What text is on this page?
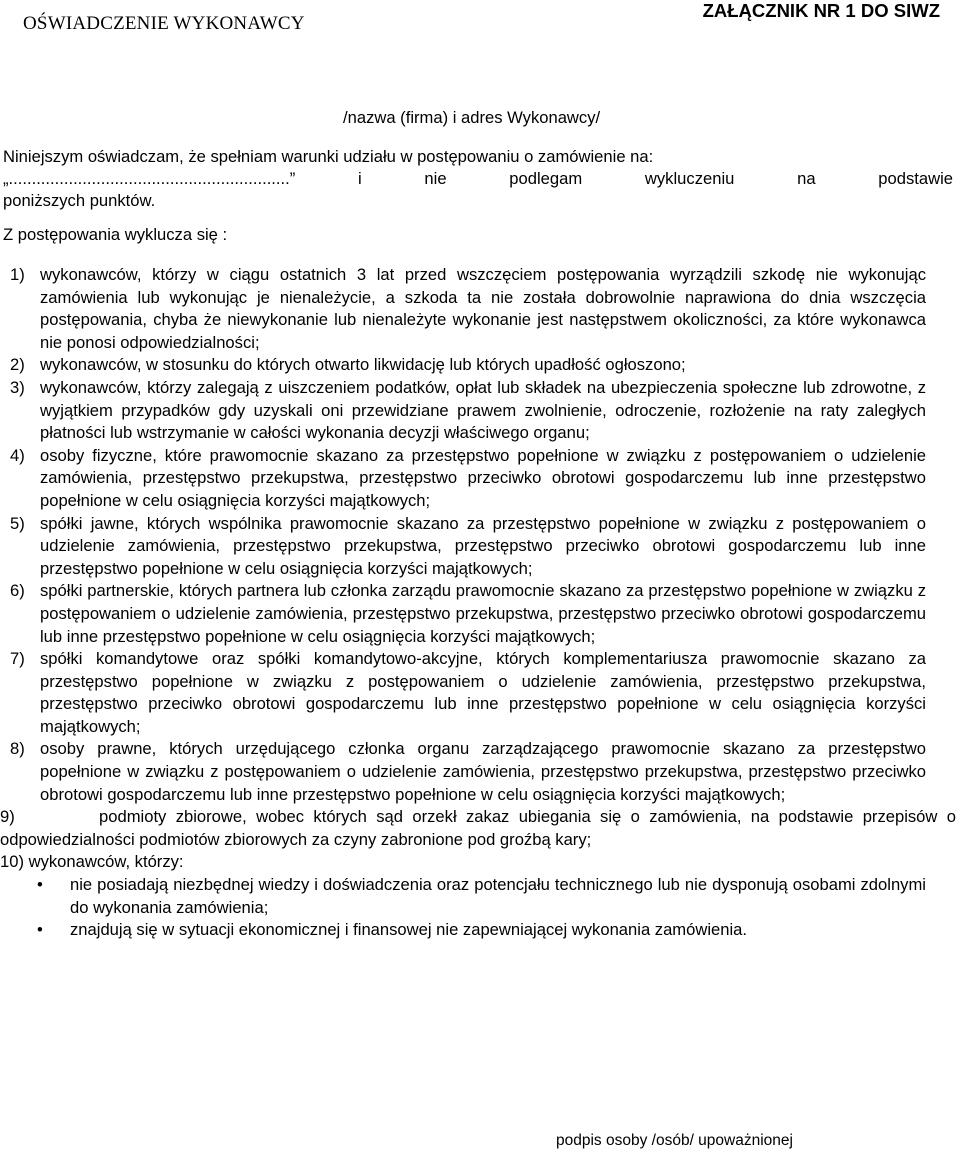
OŚWIADCZENIE WYKONAWCY
ZAŁĄCZNIK NR 1 DO SIWZ
/nazwa (firma) i adres Wykonawcy/
Niniejszym oświadczam, że spełniam warunki udziału w postępowaniu o zamówienie na:
„.............................................................” i nie podlegam wykluczeniu na podstawie
poniższych punktów.
Z postępowania wyklucza się :
1) wykonawców, którzy w ciągu ostatnich 3 lat przed wszczęciem postępowania wyrządzili szkodę nie wykonując zamówienia lub wykonując je nienależycie, a szkoda ta nie została dobrowolnie naprawiona do dnia wszczęcia postępowania, chyba że niewykonanie lub nienależyte wykonanie jest następstwem okoliczności, za które wykonawca nie ponosi odpowiedzialności;
2) wykonawców, w stosunku do których otwarto likwidację lub których upadłość ogłoszono;
3) wykonawców, którzy zalegają z uiszczeniem podatków, opłat lub składek na ubezpieczenia społeczne lub zdrowotne, z wyjątkiem przypadków gdy uzyskali oni przewidziane prawem zwolnienie, odroczenie, rozłożenie na raty zaległych płatności lub wstrzymanie w całości wykonania decyzji właściwego organu;
4) osoby fizyczne, które prawomocnie skazano za przestępstwo popełnione w związku z postępowaniem o udzielenie zamówienia, przestępstwo przekupstwa, przestępstwo przeciwko obrotowi gospodarczemu lub inne przestępstwo popełnione w celu osiągnięcia korzyści majątkowych;
5) spółki jawne, których wspólnika prawomocnie skazano za przestępstwo popełnione w związku z postępowaniem o udzielenie zamówienia, przestępstwo przekupstwa, przestępstwo przeciwko obrotowi gospodarczemu lub inne przestępstwo popełnione w celu osiągnięcia korzyści majątkowych;
6) spółki partnerskie, których partnera lub członka zarządu prawomocnie skazano za przestępstwo popełnione w związku z postępowaniem o udzielenie zamówienia, przestępstwo przekupstwa, przestępstwo przeciwko obrotowi gospodarczemu lub inne przestępstwo popełnione w celu osiągnięcia korzyści majątkowych;
7) spółki komandytowe oraz spółki komandytowo-akcyjne, których komplementariusza prawomocnie skazano za przestępstwo popełnione w związku z postępowaniem o udzielenie zamówienia, przestępstwo przekupstwa, przestępstwo przeciwko obrotowi gospodarczemu lub inne przestępstwo popełnione w celu osiągnięcia korzyści majątkowych;
8) osoby prawne, których urzędującego członka organu zarządzającego prawomocnie skazano za przestępstwo popełnione w związku z postępowaniem o udzielenie zamówienia, przestępstwo przekupstwa, przestępstwo przeciwko obrotowi gospodarczemu lub inne przestępstwo popełnione w celu osiągnięcia korzyści majątkowych;
9)	podmioty zbiorowe, wobec których sąd orzekł zakaz ubiegania się o zamówienia, na podstawie przepisów o odpowiedzialności podmiotów zbiorowych za czyny zabronione pod groźbą kary;
10) wykonawców, którzy:
• nie posiadają niezbędnej wiedzy i doświadczenia oraz potencjału technicznego lub nie dysponują osobami zdolnymi do wykonania zamówienia;
• znajdują się w sytuacji ekonomicznej i finansowej nie zapewniającej wykonania zamówienia.
podpis osoby /osób/ upoważnionej
